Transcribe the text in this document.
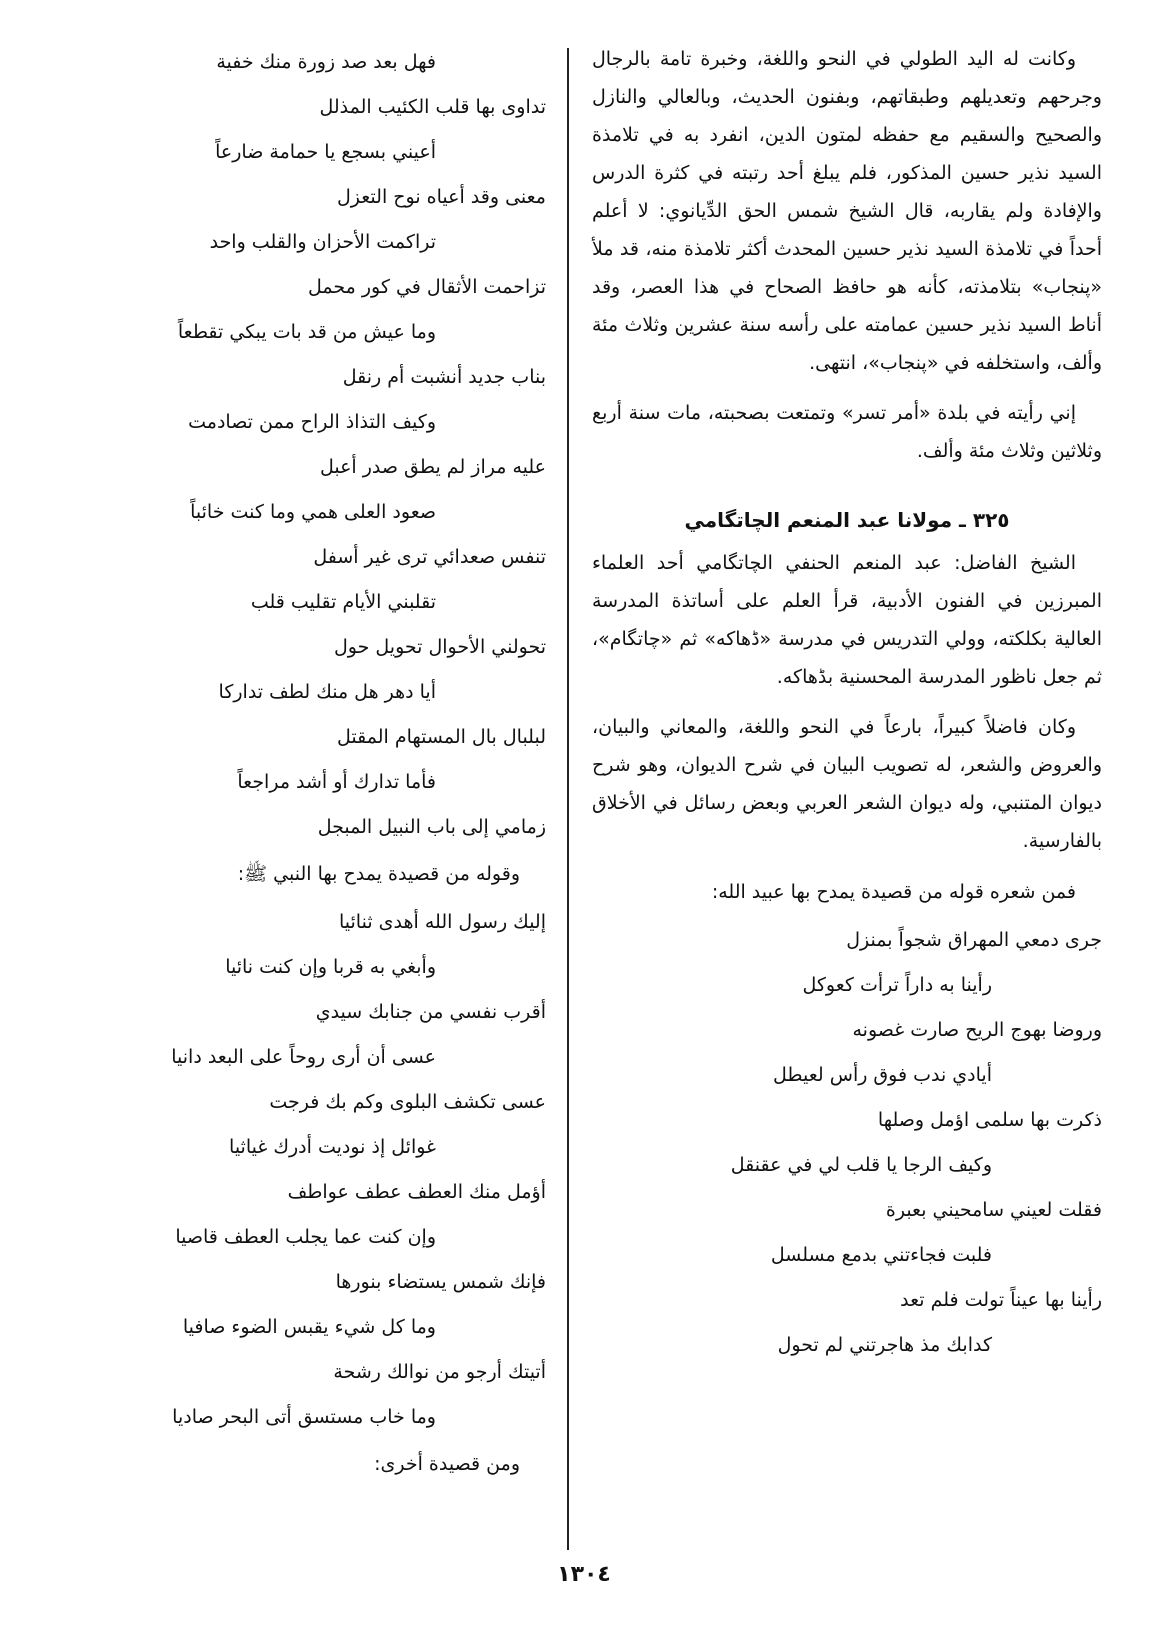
وكانت له اليد الطولي في النحو واللغة، وخبرة تامة بالرجال وجرحهم وتعديلهم وطبقاتهم، وبفنون الحديث، وبالعالي والنازل والصحيح والسقيم مع حفظه لمتون الدين، انفرد به في تلامذة السيد نذير حسين المذكور، فلم يبلغ أحد رتبته في كثرة الدرس والإفادة ولم يقاربه، قال الشيخ شمس الحق الدِّيانوي: لا أعلم أحداً في تلامذة السيد نذير حسين المحدث أكثر تلامذة منه، قد ملأ «پنجاب» بتلامذته، كأنه هو حافظ الصحاح في هذا العصر، وقد أناط السيد نذير حسين عمامته على رأسه سنة عشرين وثلاث مئة وألف، واستخلفه في «پنجاب»، انتهى.

إني رأيته في بلدة «أمر تسر» وتمتعت بصحبته، مات سنة أربع وثلاثين وثلاث مئة وألف.

٣٢٥ ـ مولانا عبد المنعم الچاتگامي

الشيخ الفاضل: عبد المنعم الحنفي الچاتگامي أحد العلماء المبرزين في الفنون الأدبية، قرأ العلم على أساتذة المدرسة العالية بكلكته، وولي التدريس في مدرسة «ڈهاكه» ثم «چاتگام»، ثم جعل ناظور المدرسة المحسنية بڈهاكه.

وكان فاضلاً كبيراً، بارعاً في النحو واللغة، والمعاني والبيان، والعروض والشعر، له تصويب البيان في شرح الديوان، وهو شرح ديوان المتنبي، وله ديوان الشعر العربي وبعض رسائل في الأخلاق بالفارسية.

فمن شعره قوله من قصيدة يمدح بها عبيد الله:
جرى دمعي المهراق شجواً بمنزل
رأينا به داراً ترأت كعوكل
وروضا بهوج الريح صارت غصونه
أيادي ندب فوق رأس لعيطل
ذكرت بها سلمى اؤمل وصلها
وكيف الرجا يا قلب لي في عقنقل
فقلت لعيني سامحيني بعبرة
فلبت فجاءتني بدمع مسلسل
رأينا بها عيناً تولت فلم تعد
كدابك مذ هاجرتني لم تحول
فهل بعد صد زورة منك خفية
تداوى بها قلب الكئيب المذلل
أعيني بسجع يا حمامة ضارعاً
معنى وقد أعياه نوح التعزل
تراكمت الأحزان والقلب واحد
تزاحمت الأثقال في كور محمل
وما عيش من قد بات يبكي تقطعاً
بناب جديد أنشبت أم رنقل
وكيف التذاذ الراح ممن تصادمت
عليه مراز لم يطق صدر أعبل
صعود العلى همي وما كنت خائباً
تنفس صعدائي ترى غير أسفل
تقلبني الأيام تقليب قلب
تحولني الأحوال تحويل حول
أيا دهر هل منك لطف تداركا
لبلبال بال المستهام المقتل
فأما تدارك أو أشد مراجعاً
زمامي إلى باب النبيل المبجل
وقوله من قصيدة يمدح بها النبي ﷺ:
إليك رسول الله أهدى ثنائيا
وأبغي به قربا وإن كنت نائيا
أقرب نفسي من جنابك سيدي
عسى أن أرى روحاً على البعد دانيا
عسى تكشف البلوى وكم بك فرجت
غوائل إذ نوديت أدرك غياثيا
أؤمل منك العطف عطف عواطف
وإن كنت عما يجلب العطف قاصيا
فإنك شمس يستضاء بنورها
وما كل شيء يقبس الضوء صافيا
أتيتك أرجو من نوالك رشحة
وما خاب مستسق أتى البحر صاديا
ومن قصيدة أخرى:
١٣٠٤
